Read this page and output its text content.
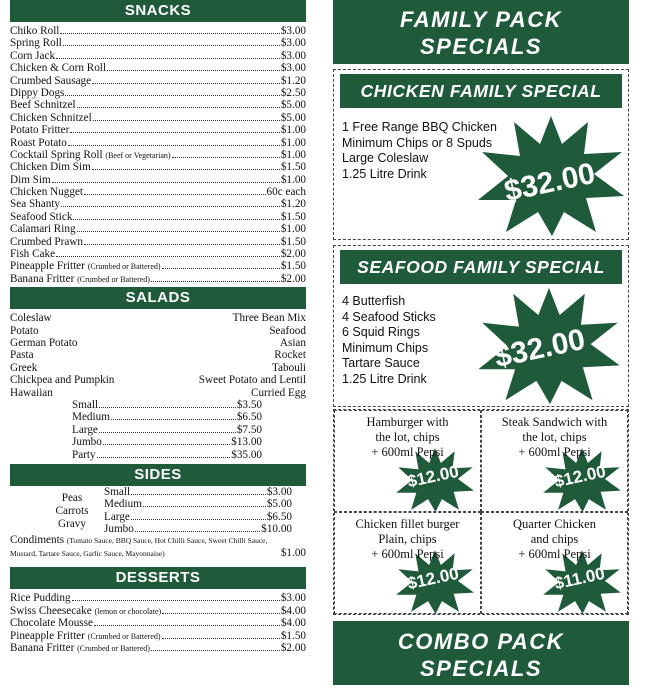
SNACKS
Chiko Roll	$3.00
Spring Roll	$3.00
Corn Jack	$3.00
Chicken & Corn Roll	$3.00
Crumbed Sausage	$1.20
Dippy Dogs	$2.50
Beef Schnitzel	$5.00
Chicken Schnitzel	$5.00
Potato Fritter	$1.00
Roast Potato	$1.00
Cocktail Spring Roll (Beef or Vegetarian)	$1.00
Chicken Dim Sim	$1.50
Dim Sim	$1.00
Chicken Nugget	60c each
Sea Shanty	$1.20
Seafood Stick	$1.50
Calamari Ring	$1.00
Crumbed Prawn	$1.50
Fish Cake	$2.00
Pineapple Fritter (Crumbed or Battered)	$1.50
Banana Fritter (Crumbed or Battered)	$2.00
SALADS
Coleslaw	Three Bean Mix
Potato	Seafood
German Potato	Asian
Pasta	Rocket
Greek	Tabouli
Chickpea and Pumpkin	Sweet Potato and Lentil
Hawaiian	Curried Egg
Small	$3.50
Medium	$6.50
Large	$7.50
Jumbo	$13.00
Party	$35.00
SIDES
Peas
Carrots
Gravy
Small	$3.00
Medium	$5.00
Large	$6.50
Jumbo	$10.00
Condiments (Tomato Sauce, BBQ Sauce, Hot Chilli Sauce, Sweet Chilli Sauce,
Mustard, Tartare Sauce, Garlic Sauce, Mayonnaise)	$1.00
DESSERTS
Rice Pudding	$3.00
Swiss Cheesecake (lemon or chocolate)	$4.00
Chocolate Mousse	$4.00
Pineapple Fritter (Crumbed or Battered)	$1.50
Banana Fritter (Crumbed or Battered)	$2.00
FAMILY PACK
SPECIALS
CHICKEN FAMILY SPECIAL
1 Free Range BBQ Chicken
Minimum Chips or 8 Spuds
Large Coleslaw
1.25 Litre Drink	$32.00
SEAFOOD FAMILY SPECIAL
4 Butterfish
4 Seafood Sticks
6 Squid Rings
Minimum Chips
Tartare Sauce
1.25 Litre Drink
$32.00
Hamburger with
the lot, chips
+ 600ml Pepsi
$12.00
Steak Sandwich with
the lot, chips
+ 600ml Pepsi
$12.00
Chicken fillet burger
Plain, chips
+ 600ml Pepsi
$12.00
Quarter Chicken
and chips
+ 600ml Pepsi
$11.00
COMBO PACK
SPECIALS
